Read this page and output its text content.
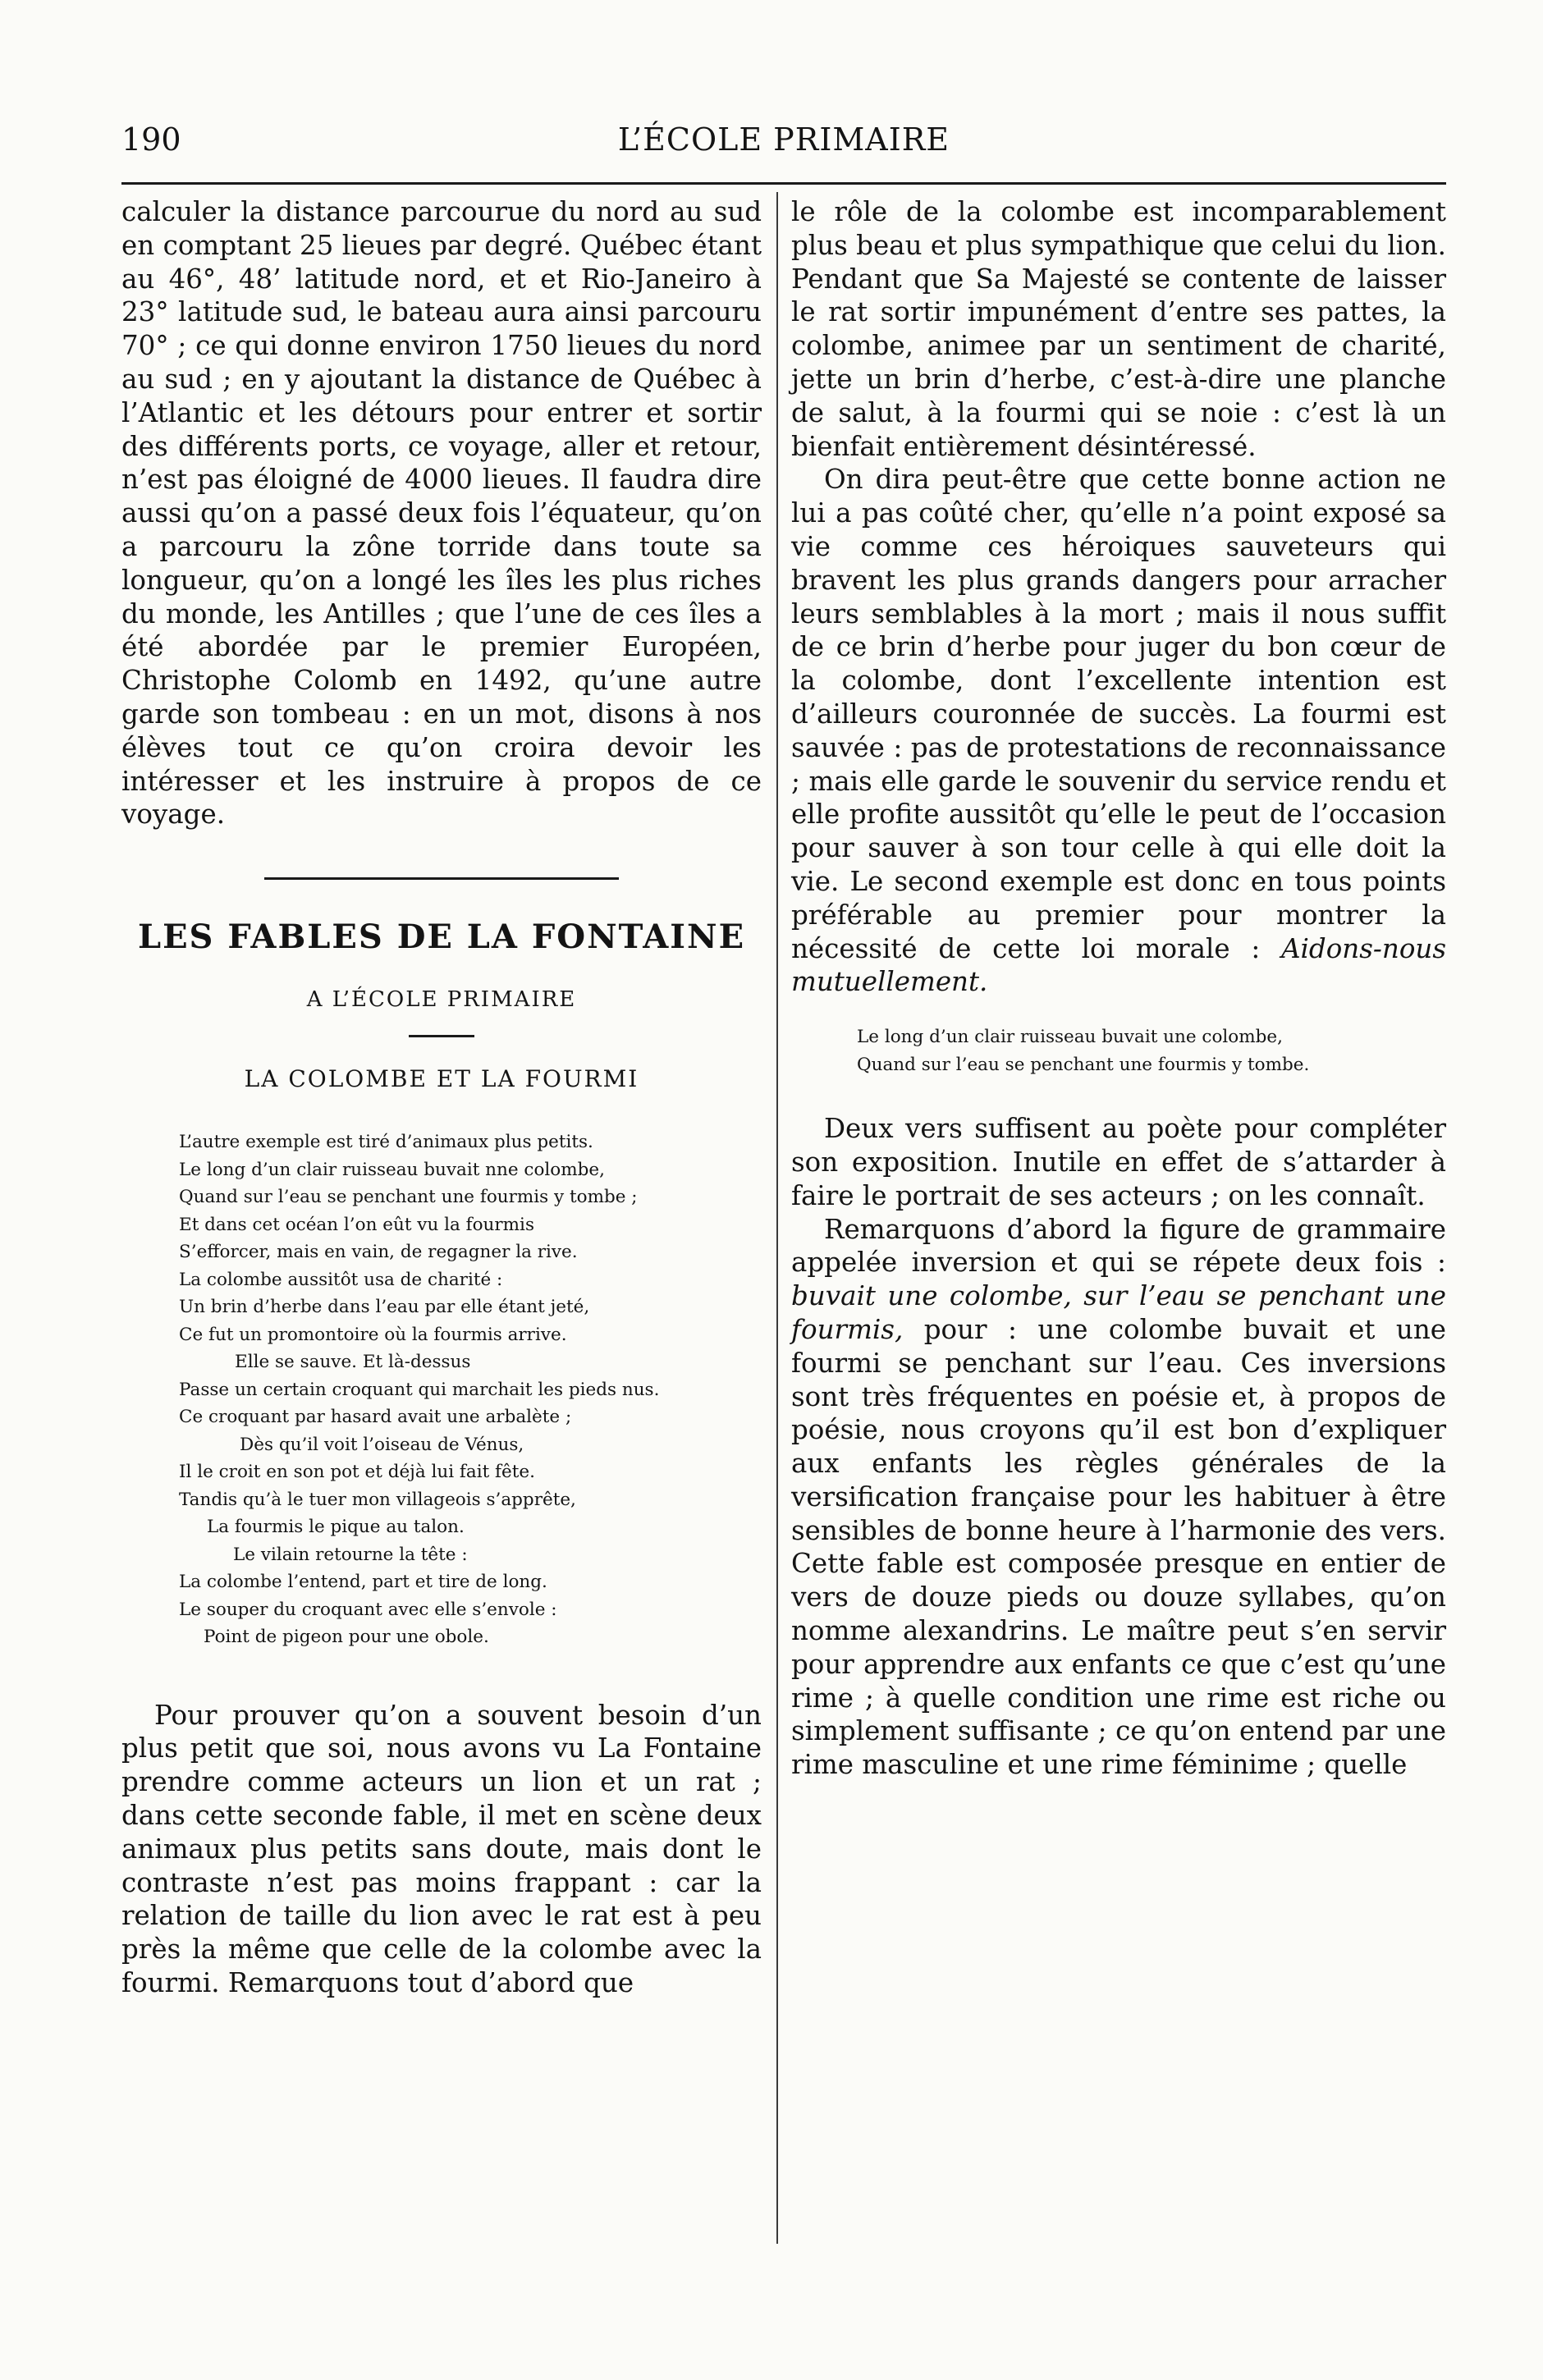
190	L’ÉCOLE PRIMAIRE

calculer la distance parcourue du nord au sud en comptant 25 lieues par degré. Québec étant au 46°, 48’ latitude nord, et et Rio-Janeiro à 23° latitude sud, le bateau aura ainsi parcouru 70° ; ce qui donne environ 1750 lieues du nord au sud ; en y ajoutant la distance de Québec à l’Atlantic et les détours pour entrer et sortir des différents ports, ce voyage, aller et retour, n’est pas éloigné de 4000 lieues. Il faudra dire aussi qu’on a passé deux fois l’équateur, qu’on a parcouru la zône torride dans toute sa longueur, qu’on a longé les îles les plus riches du monde, les Antilles ; que l’une de ces îles a été abordée par le premier Européen, Christophe Colomb en 1492, qu’une autre garde son tombeau : en un mot, disons à nos élèves tout ce qu’on croira devoir les intéresser et les instruire à propos de ce voyage.

LES FABLES DE LA FONTAINE
A L’ÉCOLE PRIMAIRE
LA COLOMBE ET LA FOURMI
L’autre exemple est tiré d’animaux plus petits.
Le long d’un clair ruisseau buvait nne colombe,
Quand sur l’eau se penchant une fourmis y tombe ;
Et dans cet océan l’on eût vu la fourmis
S’efforcer, mais en vain, de regagner la rive.
La colombe aussitôt usa de charité :
Un brin d’herbe dans l’eau par elle étant jeté,
Ce fut un promontoire où la fourmis arrive.
Elle se sauve. Et là-dessus
Passe un certain croquant qui marchait les pieds nus.
Ce croquant par hasard avait une arbalète ;
Dès qu’il voit l’oiseau de Vénus,
Il le croit en son pot et déjà lui fait fête.
Tandis qu’à le tuer mon villageois s’apprête,
La fourmis le pique au talon.
Le vilain retourne la tête :
La colombe l’entend, part et tire de long.
Le souper du croquant avec elle s’envole :
Point de pigeon pour une obole.

Pour prouver qu’on a souvent besoin d’un plus petit que soi, nous avons vu La Fontaine prendre comme acteurs un lion et un rat ; dans cette seconde fable, il met en scène deux animaux plus petits sans doute, mais dont le contraste n’est pas moins frappant : car la relation de taille du lion avec le rat est à peu près la même que celle de la colombe avec la fourmi. Remarquons tout d’abord que

le rôle de la colombe est incomparablement plus beau et plus sympathique que celui du lion. Pendant que Sa Majesté se contente de laisser le rat sortir impunément d’entre ses pattes, la colombe, animee par un sentiment de charité, jette un brin d’herbe, c’est-à-dire une planche de salut, à la fourmi qui se noie : c’est là un bienfait entièrement désintéressé.

On dira peut-être que cette bonne action ne lui a pas coûté cher, qu’elle n’a point exposé sa vie comme ces héroiques sauveteurs qui bravent les plus grands dangers pour arracher leurs semblables à la mort ; mais il nous suffit de ce brin d’herbe pour juger du bon cœur de la colombe, dont l’excellente intention est d’ailleurs couronnée de succès. La fourmi est sauvée : pas de protestations de reconnaissance ; mais elle garde le souvenir du service rendu et elle profite aussitôt qu’elle le peut de l’occasion pour sauver à son tour celle à qui elle doit la vie. Le second exemple est donc en tous points préférable au premier pour montrer la nécessité de cette loi morale : Aidons-nous mutuellement.

Le long d’un clair ruisseau buvait une colombe,
Quand sur l’eau se penchant une fourmis y tombe.

Deux vers suffisent au poète pour compléter son exposition. Inutile en effet de s’attarder à faire le portrait de ses acteurs ; on les connaît.

Remarquons d’abord la figure de grammaire appelée inversion et qui se répete deux fois : buvait une colombe, sur l’eau se penchant une fourmis, pour : une colombe buvait et une fourmi se penchant sur l’eau. Ces inversions sont très fréquentes en poésie et, à propos de poésie, nous croyons qu’il est bon d’expliquer aux enfants les règles générales de la versification française pour les habituer à être sensibles de bonne heure à l’harmonie des vers. Cette fable est composée presque en entier de vers de douze pieds ou douze syllabes, qu’on nomme alexandrins. Le maître peut s’en servir pour apprendre aux enfants ce que c’est qu’une rime ; à quelle condition une rime est riche ou simplement suffisante ; ce qu’on entend par une rime masculine et une rime féminime ; quelle
